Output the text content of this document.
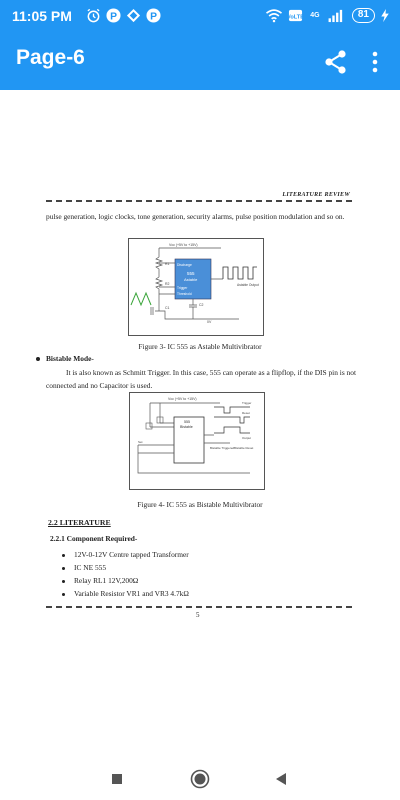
11:05 PM	P	P	VoLTE 4G	81
Page-6
LITERATURE REVIEW
pulse generation, logic clocks, tone generation, security alarms, pulse position modulation and so on.
Vcc (+5V to +15V)
R1
R2
Discharge
555
Astable
Trigger
Threshold
C1
C2
0V
Astable Output
Figure 3- IC 555 as Astable Multivibrator
Bistable Mode-
It is also known as Schmitt Trigger. In this case, 555 can operate as a flipflop, if the DIS pin is not connected and no Capacitor is used.
Vcc (+5V to +15V)
555
Bistable
Trigger
Reset
Set
Output
Bistable Triggered Bistable Reset
Figure 4- IC 555 as Bistable Multivibrator
2.2 LITERATURE
2.2.1 Component Required-
12V-0-12V Centre tapped Transformer
IC NE 555
Relay RL1 12V,200Ω
Variable Resistor VR1 and VR3 4.7kΩ
5
